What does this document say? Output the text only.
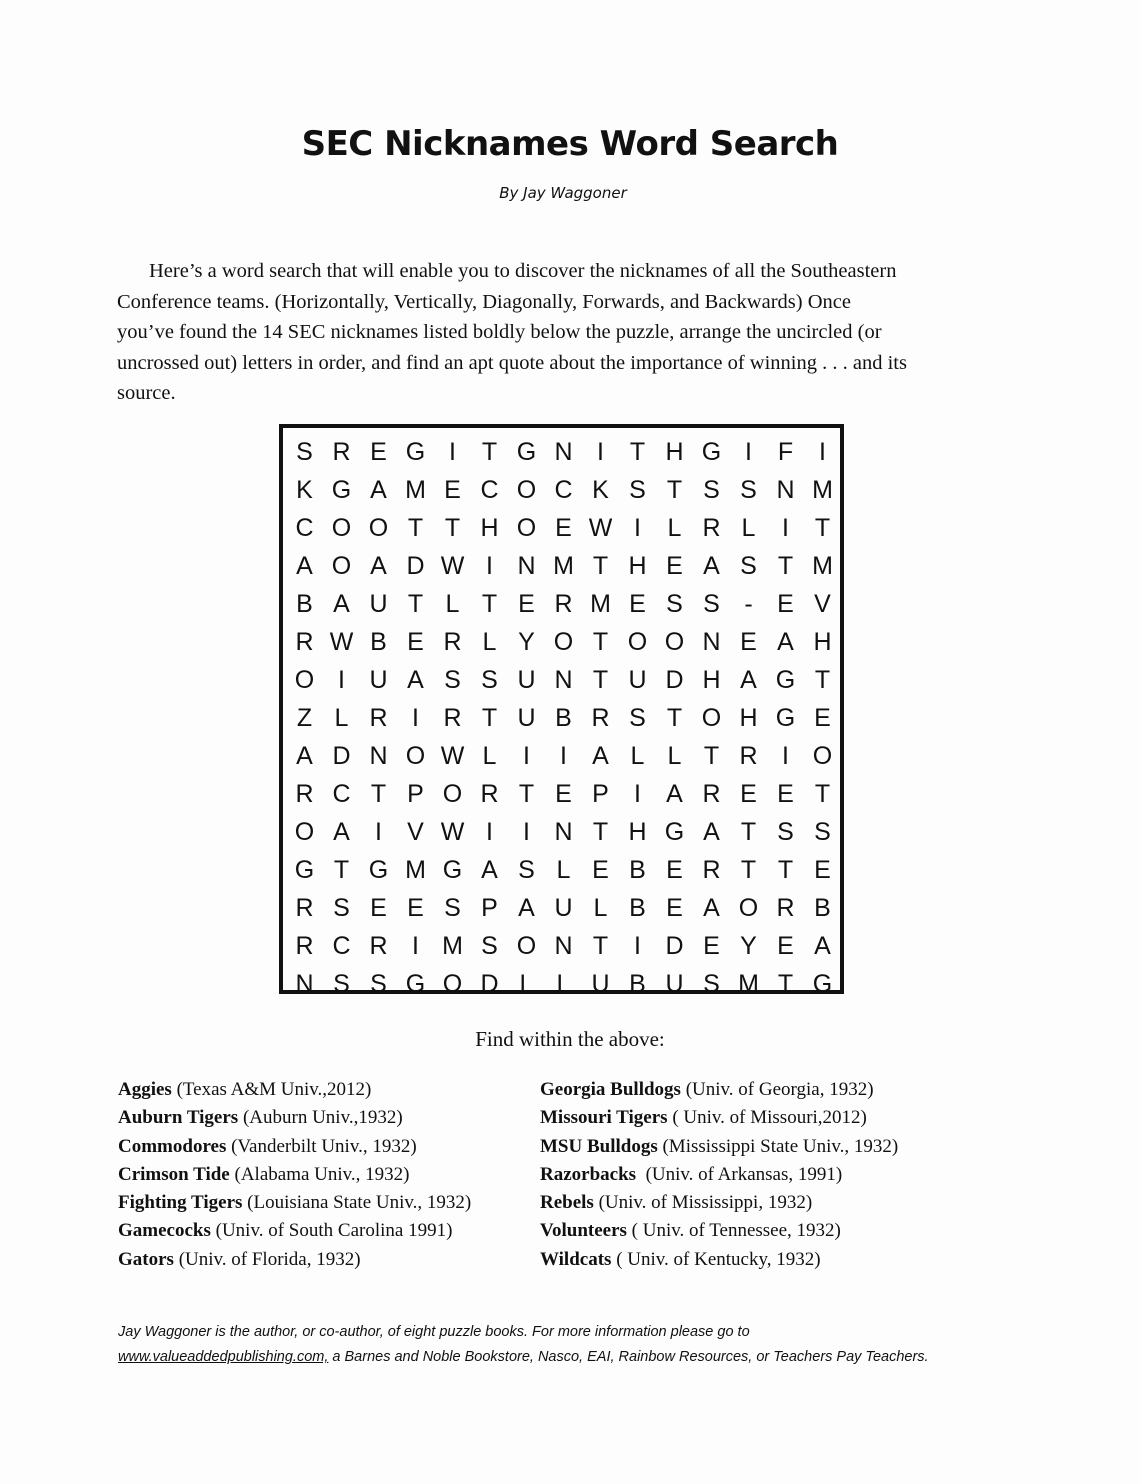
SEC Nicknames Word Search
By Jay Waggoner
Here’s a word search that will enable you to discover the nicknames of all the Southeastern
Conference teams. (Horizontally, Vertically, Diagonally, Forwards, and Backwards) Once
you’ve found the 14 SEC nicknames listed boldly below the puzzle, arrange the uncircled (or
uncrossed out) letters in order, and find an apt quote about the importance of winning . . . and its
source.
S R E G I	T G N I	T H G I	F	I
K G A M E C O C K S T S S N M
C O O T T H O E W I	L R L	I	T
A O A D W I N M T H E A S T M
B A U T L T E R M E S S - E V
R W B E R L Y O T O O N E A H
O I U A S S U N T U D H A G T
Z L R I R T U B R S T O H G E
A D N O W L	I	I	A L L T R I O
R C T P O R T E P	I	A R E E T
O A	I	V W I	I N T H G A T S S
G T G M G A S L E B E R T T E
R S E E S P A U L B E A O R B
R C R I M S O N T	I D E Y E A
N S S G O D L L U B U S M T G
Find within the above:
Aggies (Texas A&M Univ.,2012)
Auburn Tigers (Auburn Univ.,1932)
Commodores (Vanderbilt Univ., 1932)
Crimson Tide (Alabama Univ., 1932)
Fighting Tigers (Louisiana State Univ., 1932)
Gamecocks (Univ. of South Carolina 1991)
Gators (Univ. of Florida, 1932)
Georgia Bulldogs (Univ. of Georgia, 1932)
Missouri Tigers ( Univ. of Missouri,2012)
MSU Bulldogs (Mississippi State Univ., 1932)
Razorbacks  (Univ. of Arkansas, 1991)
Rebels (Univ. of Mississippi, 1932)
Volunteers ( Univ. of Tennessee, 1932)
Wildcats ( Univ. of Kentucky, 1932)
Jay Waggoner is the author, or co-author, of eight puzzle books. For more information please go to
www.valueaddedpublishing.com, a Barnes and Noble Bookstore, Nasco, EAI, Rainbow Resources, or Teachers Pay Teachers.
